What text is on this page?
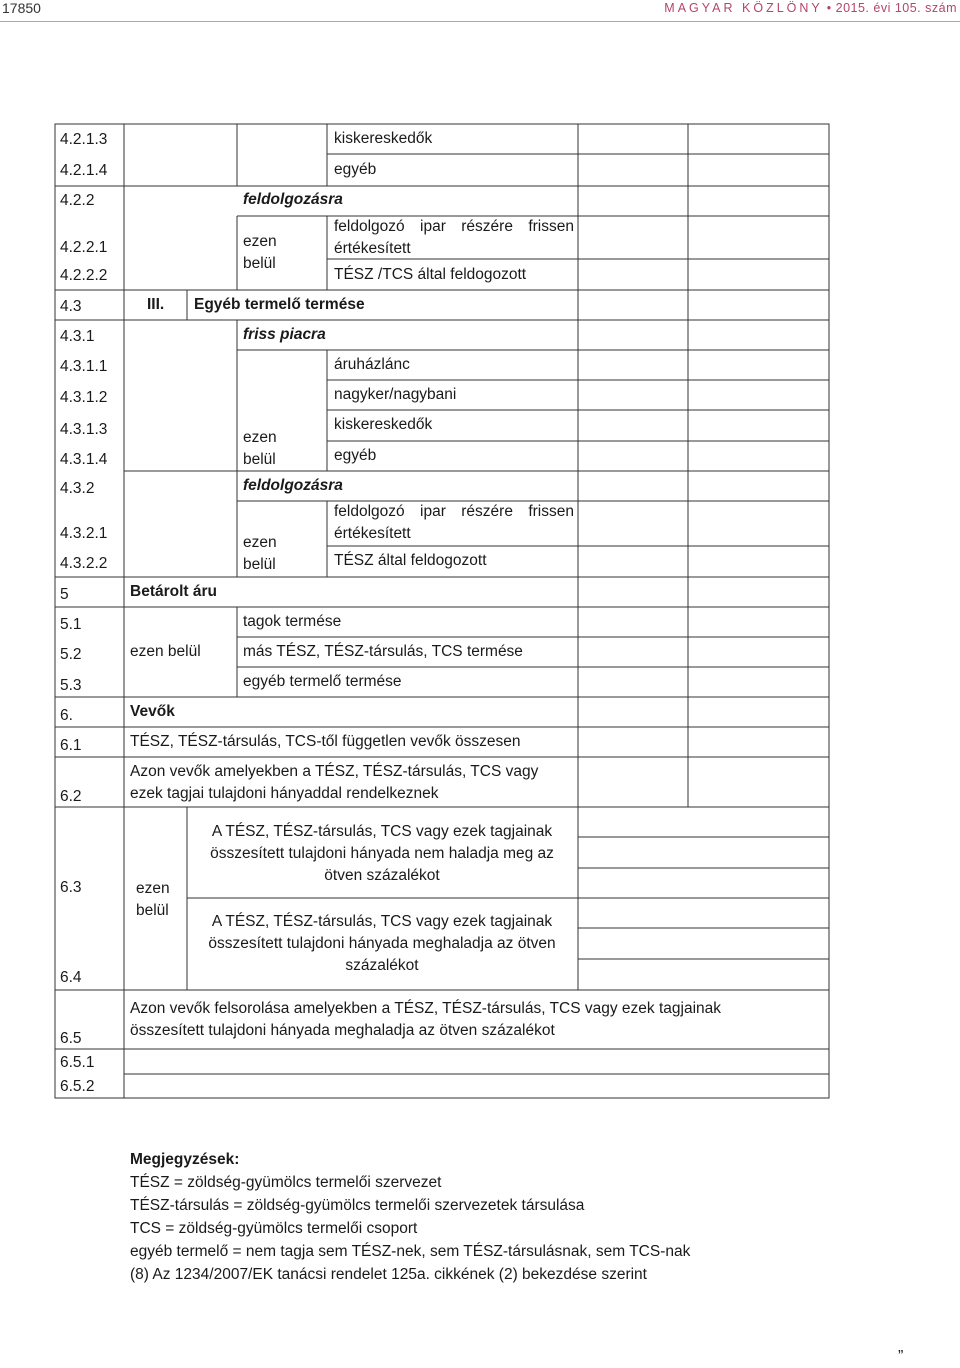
17850	MAGYAR KÖZLÖNY • 2015. évi 105. szám
4.2.1.3
4.2.1.4
4.2.2
4.2.2.1
4.2.2.2
4.3
4.3.1
4.3.1.1
4.3.1.2
4.3.1.3
4.3.1.4
4.3.2
4.3.2.1
4.3.2.2
5
5.1
5.2
5.3
6.
6.1
6.2
6.3
6.4
6.5
6.5.1
6.5.2
kiskereskedők
egyéb
feldolgozásra
feldolgozó ipar részére frissen értékesített
TÉSZ /TCS által feldogozott
ezen belül
III. Egyéb termelő termése
friss piacra
áruházlánc
nagyker/nagybani
kiskereskedők
egyéb
ezen belül
feldolgozásra
feldolgozó ipar részére frissen értékesített
TÉSZ által feldogozott
ezen belül
Betárolt áru
tagok termése
más TÉSZ, TÉSZ-társulás, TCS termése
egyéb termelő termése
ezen belül
Vevők
TÉSZ, TÉSZ-társulás, TCS-től független vevők összesen
Azon vevők amelyekben a TÉSZ, TÉSZ-társulás, TCS vagy ezek tagjai tulajdoni hányaddal rendelkeznek
A TÉSZ, TÉSZ-társulás, TCS vagy ezek tagjainak összesített tulajdoni hányada nem haladja meg az ötven százalékot
A TÉSZ, TÉSZ-társulás, TCS vagy ezek tagjainak összesített tulajdoni hányada meghaladja az ötven százalékot
ezen belül
Azon vevők felsorolása amelyekben a TÉSZ, TÉSZ-társulás, TCS vagy ezek tagjainak összesített tulajdoni hányada meghaladja az ötven százalékot
Megjegyzések:
TÉSZ = zöldség-gyümölcs termelői szervezet
TÉSZ-társulás = zöldség-gyümölcs termelői szervezetek társulása
TCS = zöldség-gyümölcs termelői csoport
egyéb termelő = nem tagja sem TÉSZ-nek, sem TÉSZ-társulásnak, sem TCS-nak
(8) Az 1234/2007/EK tanácsi rendelet 125a. cikkének (2) bekezdése szerint
”
